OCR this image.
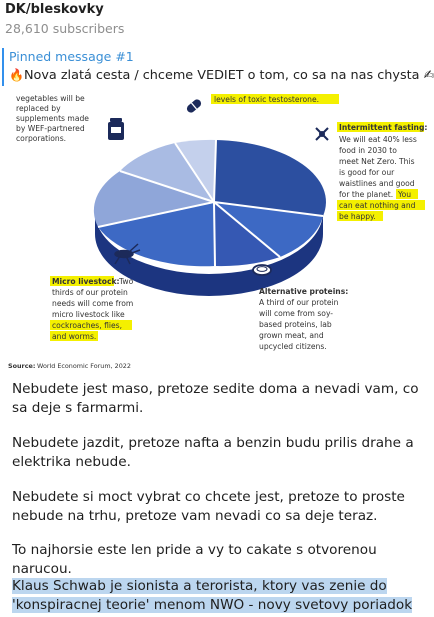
DK/bleskovky
28,610 subscribers
Pinned message #1
🔥Nova zlatá cesta / chceme VEDIET o tom, co sa na nas chysta ✍
vegetables will be
replaced by
supplements made
by WEF-partnered
corporations.
levels of toxic testosterone.
Intermittent fasting:
We will eat 40% less
food in 2030 to
meet Net Zero. This
is good for our
waistlines and good
for the planet. You
can eat nothing and
be happy.
Micro livestock: Two
thirds of our protein
needs will come from
micro livestock like
cockroaches, flies,
and worms.
Alternative proteins:
A third of our protein
will come from soy-
based proteins, lab
grown meat, and
upcycled citizens.
Source: World Economic Forum, 2022

Nebudete jest maso, pretoze sedite doma a nevadi vam, co sa deje s farmarmi.

Nebudete jazdit, pretoze nafta a benzin budu prilis drahe a elektrika nebude.

Nebudete si moct vybrat co chcete jest, pretoze to proste nebude na trhu, pretoze vam nevadi co sa deje teraz.

To najhorsie este len pride a vy to cakate s otvorenou narucou.

Klaus Schwab je sionista a terorista, ktory vas zenie do

'konspiracnej teorie' menom NWO - novy svetovy poriadok
